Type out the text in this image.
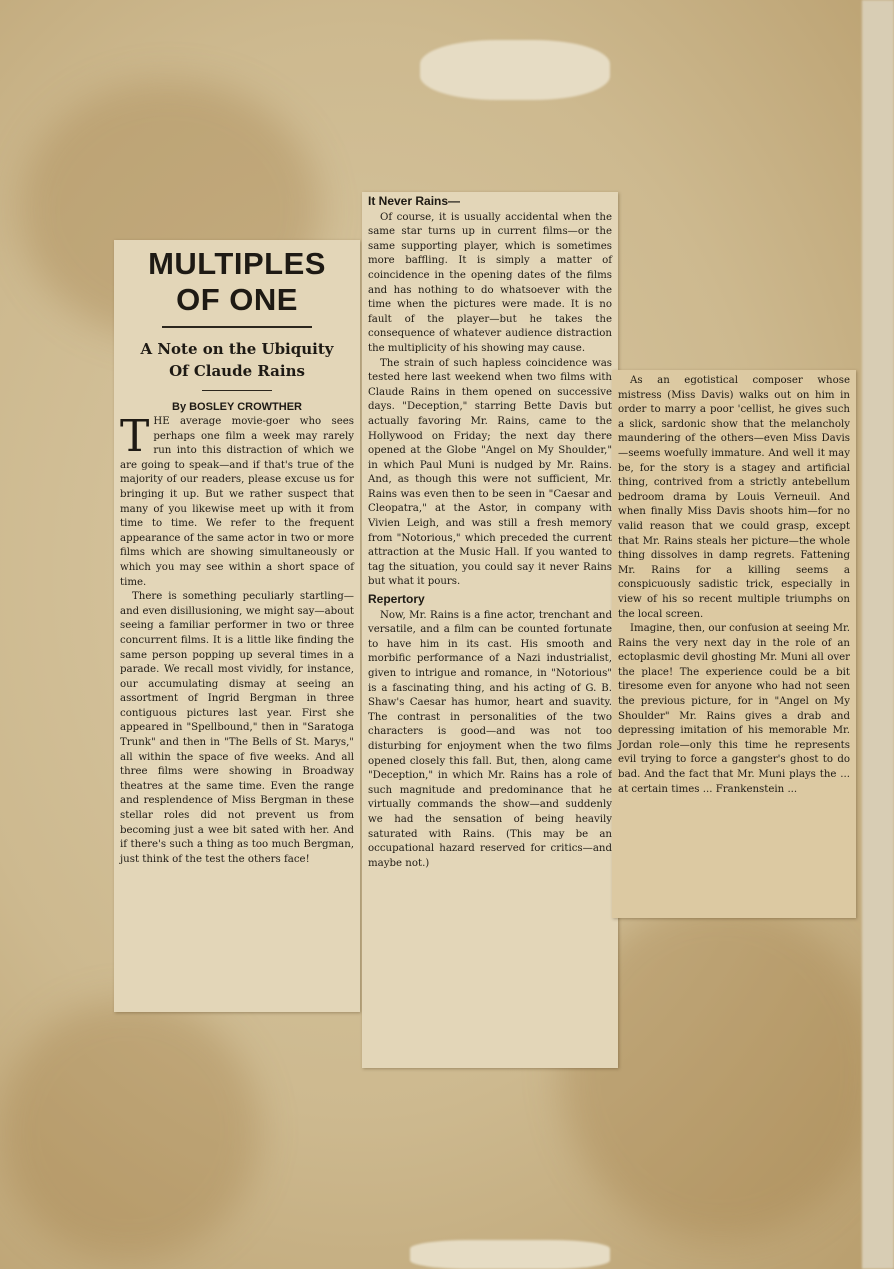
MULTIPLES
OF ONE
A Note on the Ubiquity
Of Claude Rains
By BOSLEY CROWTHER

THE average movie-goer who sees perhaps one film a week may rarely run into this distraction of which we are going to speak—and if that's true of the majority of our readers, please excuse us for bringing it up. But we rather suspect that many of you likewise meet up with it from time to time. We refer to the frequent appearance of the same actor in two or more films which are showing simultaneously or which you may see within a short space of time.

There is something peculiarly startling—and even disillusioning, we might say—about seeing a familiar performer in two or three concurrent films. It is a little like finding the same person popping up several times in a parade. We recall most vividly, for instance, our accumulating dismay at seeing an assortment of Ingrid Bergman in three contiguous pictures last year. First she appeared in "Spellbound," then in "Saratoga Trunk" and then in "The Bells of St. Marys," all within the space of five weeks. And all three films were showing in Broadway theatres at the same time. Even the range and resplendence of Miss Bergman in these stellar roles did not prevent us from becoming just a wee bit sated with her. And if there's such a thing as too much Bergman, just think of the test the others face!

It Never Rains—

Of course, it is usually accidental when the same star turns up in current films—or the same supporting player, which is sometimes more baffling. It is simply a matter of coincidence in the opening dates of the films and has nothing to do whatsoever with the time when the pictures were made. It is no fault of the player—but he takes the consequence of whatever audience distraction the multiplicity of his showing may cause.

The strain of such hapless coincidence was tested here last weekend when two films with Claude Rains in them opened on successive days. "Deception," starring Bette Davis but actually favoring Mr. Rains, came to the Hollywood on Friday; the next day there opened at the Globe "Angel on My Shoulder," in which Paul Muni is nudged by Mr. Rains. And, as though this were not sufficient, Mr. Rains was even then to be seen in "Caesar and Cleopatra," at the Astor, in company with Vivien Leigh, and was still a fresh memory from "Notorious," which preceded the current attraction at the Music Hall. If you wanted to tag the situation, you could say it never Rains but what it pours.

Repertory

Now, Mr. Rains is a fine actor, trenchant and versatile, and a film can be counted fortunate to have him in its cast. His smooth and morbific performance of a Nazi industrialist, given to intrigue and romance, in "Notorious" is a fascinating thing, and his acting of G. B. Shaw's Caesar has humor, heart and suavity. The contrast in personalities of the two characters is good—and was not too disturbing for enjoyment when the two films opened closely this fall. But, then, along came "Deception," in which Mr. Rains has a role of such magnitude and predominance that he virtually commands the show—and suddenly we had the sensation of being heavily saturated with Rains. (This may be an occupational hazard reserved for critics—and maybe not.)

As an egotistical composer whose mistress (Miss Davis) walks out on him in order to marry a poor 'cellist, he gives such a slick, sardonic show that the melancholy maundering of the others—even Miss Davis—seems woefully immature. And well it may be, for the story is a stagey and artificial thing, contrived from a strictly antebellum bedroom drama by Louis Verneuil. And when finally Miss Davis shoots him—for no valid reason that we could grasp, except that Mr. Rains steals her picture—the whole thing dissolves in damp regrets. Fattening Mr. Rains for a killing seems a conspicuously sadistic trick, especially in view of his so recent multiple triumphs on the local screen.

Imagine, then, our confusion at seeing Mr. Rains the very next day in the role of an ectoplasmic devil ghosting Mr. Muni all over the place! The experience could be a bit tiresome even for anyone who had not seen the previous picture, for in "Angel on My Shoulder" Mr. Rains gives a drab and depressing imitation of his memorable Mr. Jordan role—only this time he represents evil trying to force a gangster's ghost to do bad. And the fact that Mr. Muni plays the ... at certain times ... Frankenstein ...
